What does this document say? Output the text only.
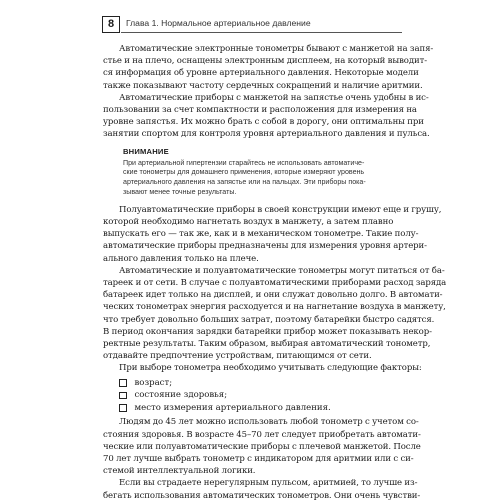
8	Глава 1. Нормальное артериальное давление
Автоматические электронные тонометры бывают с манжетой на запя-
стье и на плечо, оснащены электронным дисплеем, на который выводит-
ся информация об уровне артериального давления. Некоторые модели
также показывают частоту сердечных сокращений и наличие аритмии.
Автоматические приборы с манжетой на запястье очень удобны в ис-
пользовании за счет компактности и расположения для измерения на
уровне запястья. Их можно брать с собой в дорогу, они оптимальны при
занятии спортом для контроля уровня артериального давления и пульса.
ВНИМАНИЕ
При артериальной гипертензии старайтесь не использовать автоматиче-
ские тонометры для домашнего применения, которые измеряют уровень
артериального давления на запястье или на пальцах. Эти приборы пока-
зывают менее точные результаты.
Полуавтоматические приборы в своей конструкции имеют еще и грушу,
которой необходимо нагнетать воздух в манжету, а затем плавно
выпускать его — так же, как и в механическом тонометре. Такие полу-
автоматические приборы предназначены для измерения уровня артери-
ального давления только на плече.
Автоматические и полуавтоматические тонометры могут питаться от ба-
тареек и от сети. В случае с полуавтоматическими приборами расход заряда
батареек идет только на дисплей, и они служат довольно долго. В автомати-
ческих тонометрах энергия расходуется и на нагнетание воздуха в манжету,
что требует довольно больших затрат, поэтому батарейки быстро садятся.
В период окончания зарядки батарейки прибор может показывать некор-
ректные результаты. Таким образом, выбирая автоматический тонометр,
отдавайте предпочтение устройствам, питающимся от сети.
При выборе тонометра необходимо учитывать следующие факторы:
возраст;
состояние здоровья;
место измерения артериального давления.
Людям до 45 лет можно использовать любой тонометр с учетом со-
стояния здоровья. В возрасте 45–70 лет следует приобретать автомати-
ческие или полуавтоматические приборы с плечевой манжетой. После
70 лет лучше выбрать тонометр с индикатором для аритмии или с си-
стемой интеллектуальной логики.
Если вы страдаете нерегулярным пульсом, аритмией, то лучше из-
бегать использования автоматических тонометров. Они очень чувстви-
